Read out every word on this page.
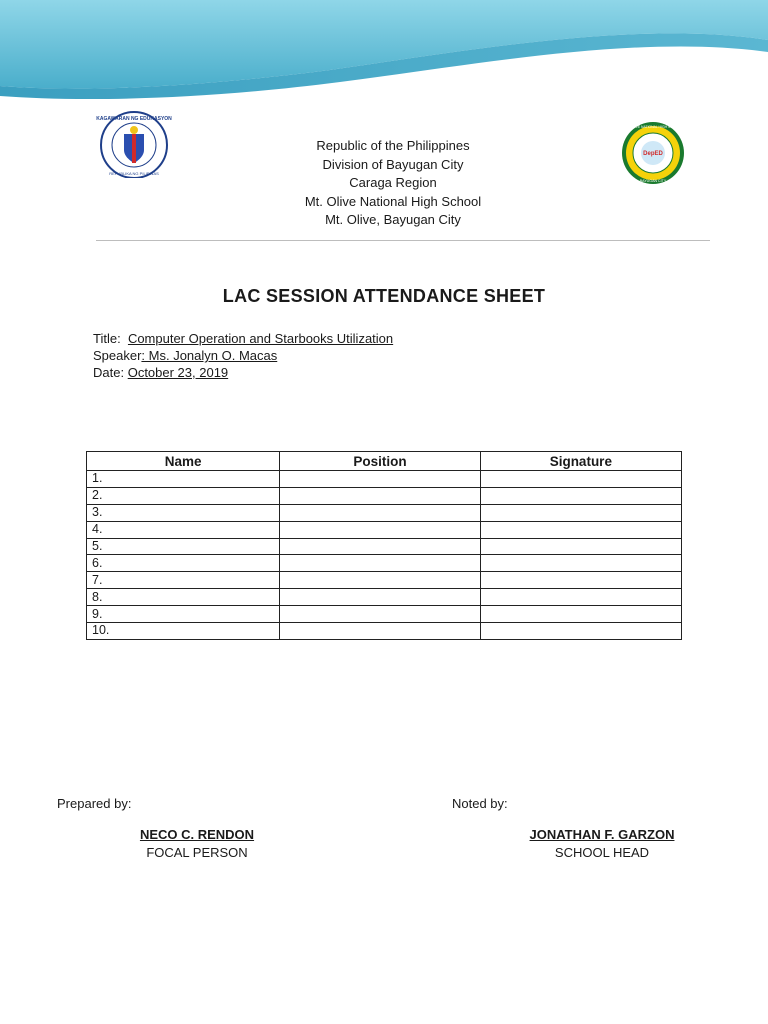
KAGAWARAN NG EDUKASYON
REPUBLIKA NG PILIPINAS
DepED
MT. OLIVE NATIONAL HIGH SCHOOL
BAYUGAN CITY
Republic of the Philippines
Division of Bayugan City
Caraga Region
Mt. Olive National High School
Mt. Olive, Bayugan City
LAC SESSION ATTENDANCE SHEET
Title: Computer Operation and Starbooks Utilization
Speaker: Ms. Jonalyn O. Macas
Date: October 23, 2019
Name	Position	Signature
1.		
2.		
3.		
4.		
5.		
6.		
7.		
8.		
9.		
10.		
Prepared by:
NECO C. RENDON
FOCAL PERSON
Noted by:
JONATHAN F. GARZON
SCHOOL HEAD
